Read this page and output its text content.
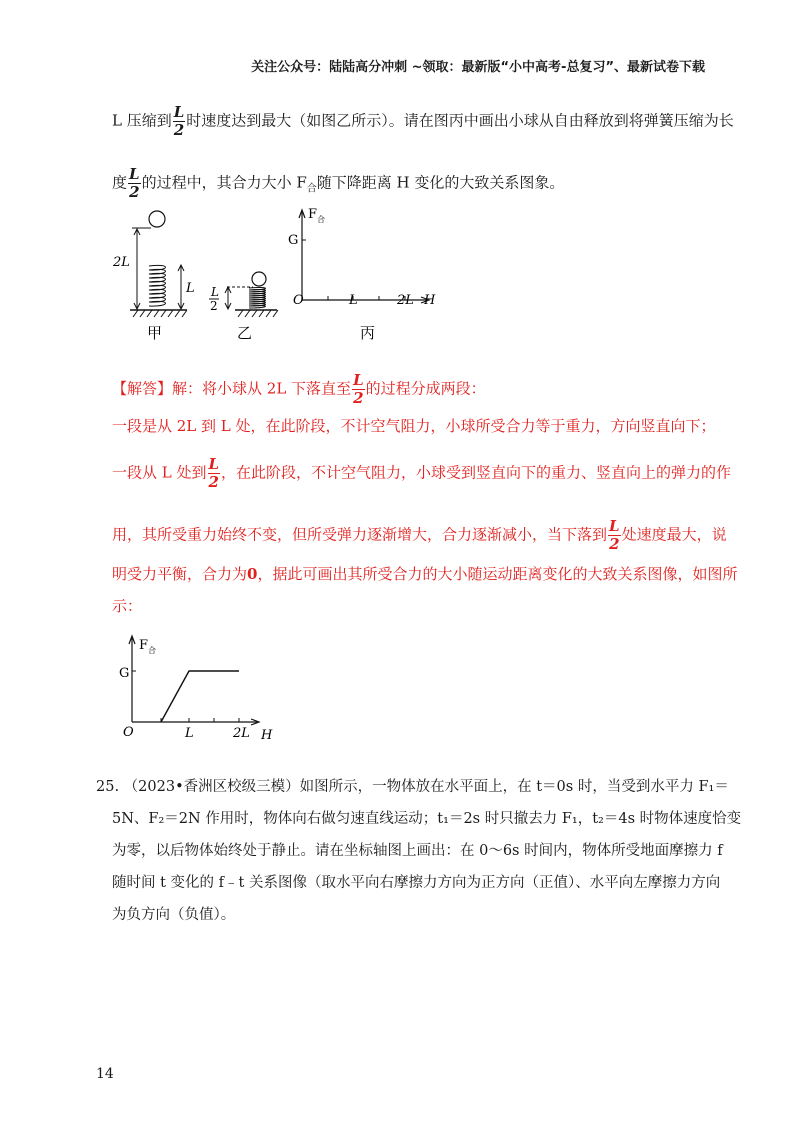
关注公众号：陆陆高分冲刺 ~领取：最新版“小中高考-总复习”、最新试卷下载
L 压缩到 $\frac{L}{2}$ 时速度达到最大（如图乙所示）。请在图丙中画出小球从自由释放到将弹簧压缩为长
度 $\frac{L}{2}$ 的过程中，其合力大小 $F_合$随下降距离 H 变化的大致关系图象。
2L
L
甲
L
2
乙
F 合
G
O	L	2L H
丙
【解答】解：将小球从 2L 下落直至 $\frac{L}{2}$ 的过程分成两段：
一段是从 2L 到 L 处，在此阶段，不计空气阻力，小球所受合力等于重力，方向竖直向下；
一段从 L 处到 $\frac{L}{2}$ ，在此阶段，不计空气阻力，小球受到竖直向下的重力、竖直向上的弹力的作
用，其所受重力始终不变，但所受弹力逐渐增大，合力逐渐减小，当下落到 $\frac{L}{2}$ 处速度最大，说
明受力平衡，合力为0，据此可画出其所受合力的大小随运动距离变化的大致关系图像，如图所
示：
F 合
G
O	L	2L H
25. （2023•香洲区校级三模）如图所示，一物体放在水平面上，在 t＝0s 时，当受到水平力 F₁＝
5N、F₂＝2N 作用时，物体向右做匀速直线运动；t₁＝2s 时只撤去力 F₁，t₂＝4s 时物体速度恰变
为零，以后物体始终处于静止。请在坐标轴图上画出：在 0～6s 时间内，物体所受地面摩擦力 f
随时间 t 变化的 f﹣t 关系图像（取水平向右摩擦力方向为正方向（正值）、水平向左摩擦力方向
为负方向（负值）。
14
